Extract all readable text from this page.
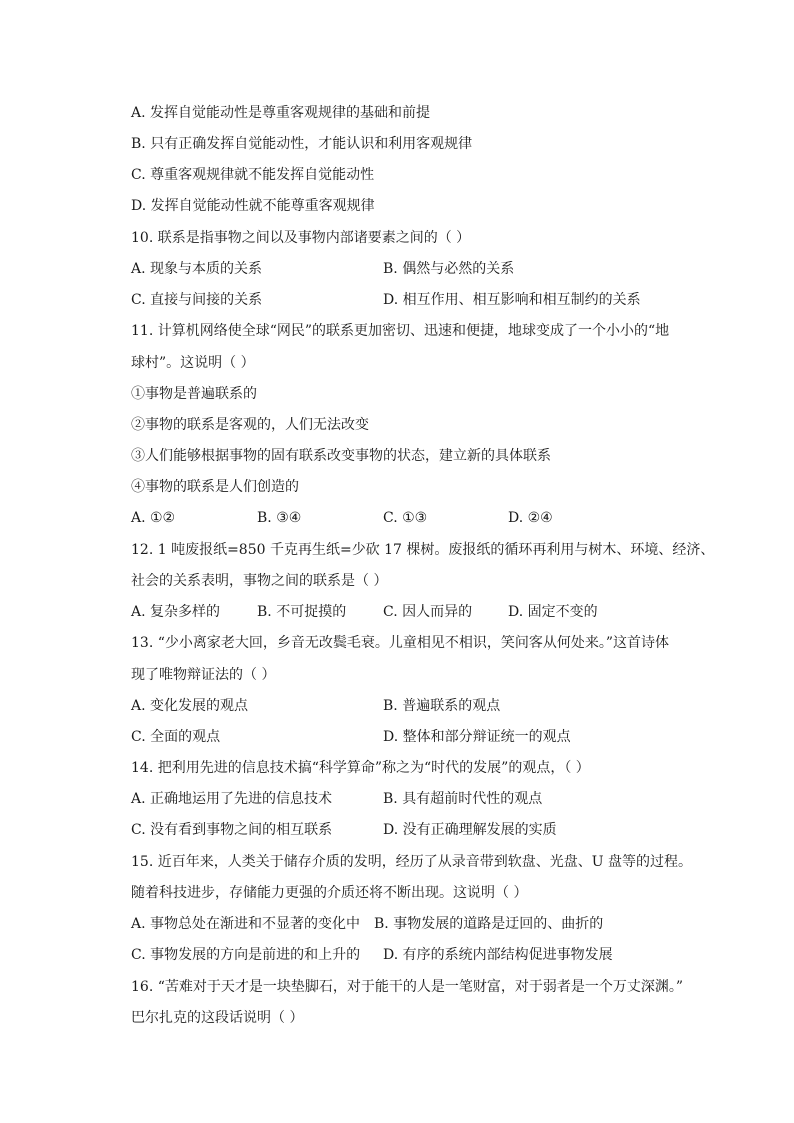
A. 发挥自觉能动性是尊重客观规律的基础和前提
B. 只有正确发挥自觉能动性，才能认识和利用客观规律
C. 尊重客观规律就不能发挥自觉能动性
D. 发挥自觉能动性就不能尊重客观规律
10. 联系是指事物之间以及事物内部诸要素之间的（ ）
A. 现象与本质的关系	B. 偶然与必然的关系
C. 直接与间接的关系	D. 相互作用、相互影响和相互制约的关系
11. 计算机网络使全球“网民”的联系更加密切、迅速和便捷，地球变成了一个小小的“地
球村”。这说明（ ）
①事物是普遍联系的
②事物的联系是客观的，人们无法改变
③人们能够根据事物的固有联系改变事物的状态，建立新的具体联系
④事物的联系是人们创造的
A. ①②	B. ③④	C. ①③	D. ②④
12. 1 吨废报纸=850 千克再生纸=少砍 17 棵树。废报纸的循环再利用与树木、环境、经济、
社会的关系表明，事物之间的联系是（ ）
A. 复杂多样的	B. 不可捉摸的	C. 因人而异的	D. 固定不变的
13. “少小离家老大回，乡音无改鬓毛衰。儿童相见不相识，笑问客从何处来。”这首诗体
现了唯物辩证法的（ ）
A. 变化发展的观点	B. 普遍联系的观点
C. 全面的观点	D. 整体和部分辩证统一的观点
14. 把利用先进的信息技术搞“科学算命”称之为“时代的发展”的观点，（ ）
A. 正确地运用了先进的信息技术	B. 具有超前时代性的观点
C. 没有看到事物之间的相互联系	D. 没有正确理解发展的实质
15. 近百年来，人类关于储存介质的发明，经历了从录音带到软盘、光盘、U 盘等的过程。
随着科技进步，存储能力更强的介质还将不断出现。这说明（ ）
A. 事物总处在渐进和不显著的变化中 B. 事物发展的道路是迂回的、曲折的
C. 事物发展的方向是前进的和上升的 D. 有序的系统内部结构促进事物发展
16. “苦难对于天才是一块垫脚石，对于能干的人是一笔财富，对于弱者是一个万丈深渊。”
巴尔扎克的这段话说明（ ）
